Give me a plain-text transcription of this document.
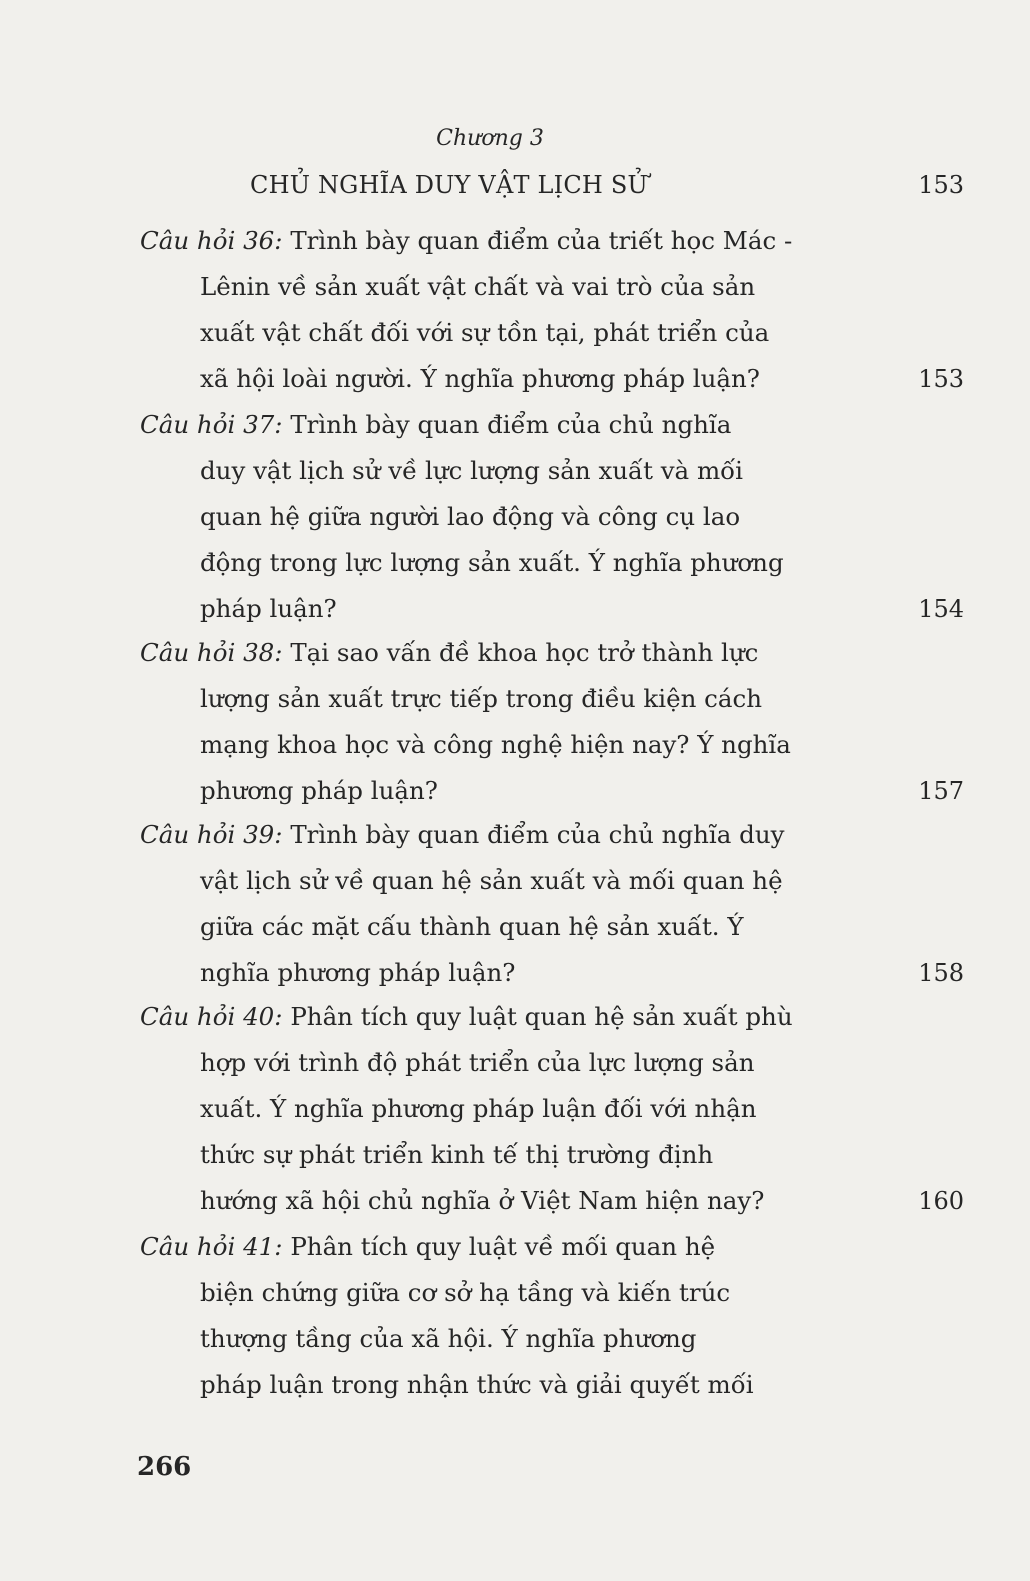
Chương 3
CHỦ NGHĨA DUY VẬT LỊCH SỬ	153
Câu hỏi 36: Trình bày quan điểm của triết học Mác -
Lênin về sản xuất vật chất và vai trò của sản
xuất vật chất đối với sự tồn tại, phát triển của
xã hội loài người. Ý nghĩa phương pháp luận?	153
Câu hỏi 37: Trình bày quan điểm của chủ nghĩa
duy vật lịch sử về lực lượng sản xuất và mối
quan hệ giữa người lao động và công cụ lao
động trong lực lượng sản xuất. Ý nghĩa phương
pháp luận?	154
Câu hỏi 38: Tại sao vấn đề khoa học trở thành lực
lượng sản xuất trực tiếp trong điều kiện cách
mạng khoa học và công nghệ hiện nay? Ý nghĩa
phương pháp luận?	157
Câu hỏi 39: Trình bày quan điểm của chủ nghĩa duy
vật lịch sử về quan hệ sản xuất và mối quan hệ
giữa các mặt cấu thành quan hệ sản xuất. Ý
nghĩa phương pháp luận?	158
Câu hỏi 40: Phân tích quy luật quan hệ sản xuất phù
hợp với trình độ phát triển của lực lượng sản
xuất. Ý nghĩa phương pháp luận đối với nhận
thức sự phát triển kinh tế thị trường định
hướng xã hội chủ nghĩa ở Việt Nam hiện nay?	160
Câu hỏi 41: Phân tích quy luật về mối quan hệ
biện chứng giữa cơ sở hạ tầng và kiến trúc
thượng tầng của xã hội. Ý nghĩa phương
pháp luận trong nhận thức và giải quyết mối
266
